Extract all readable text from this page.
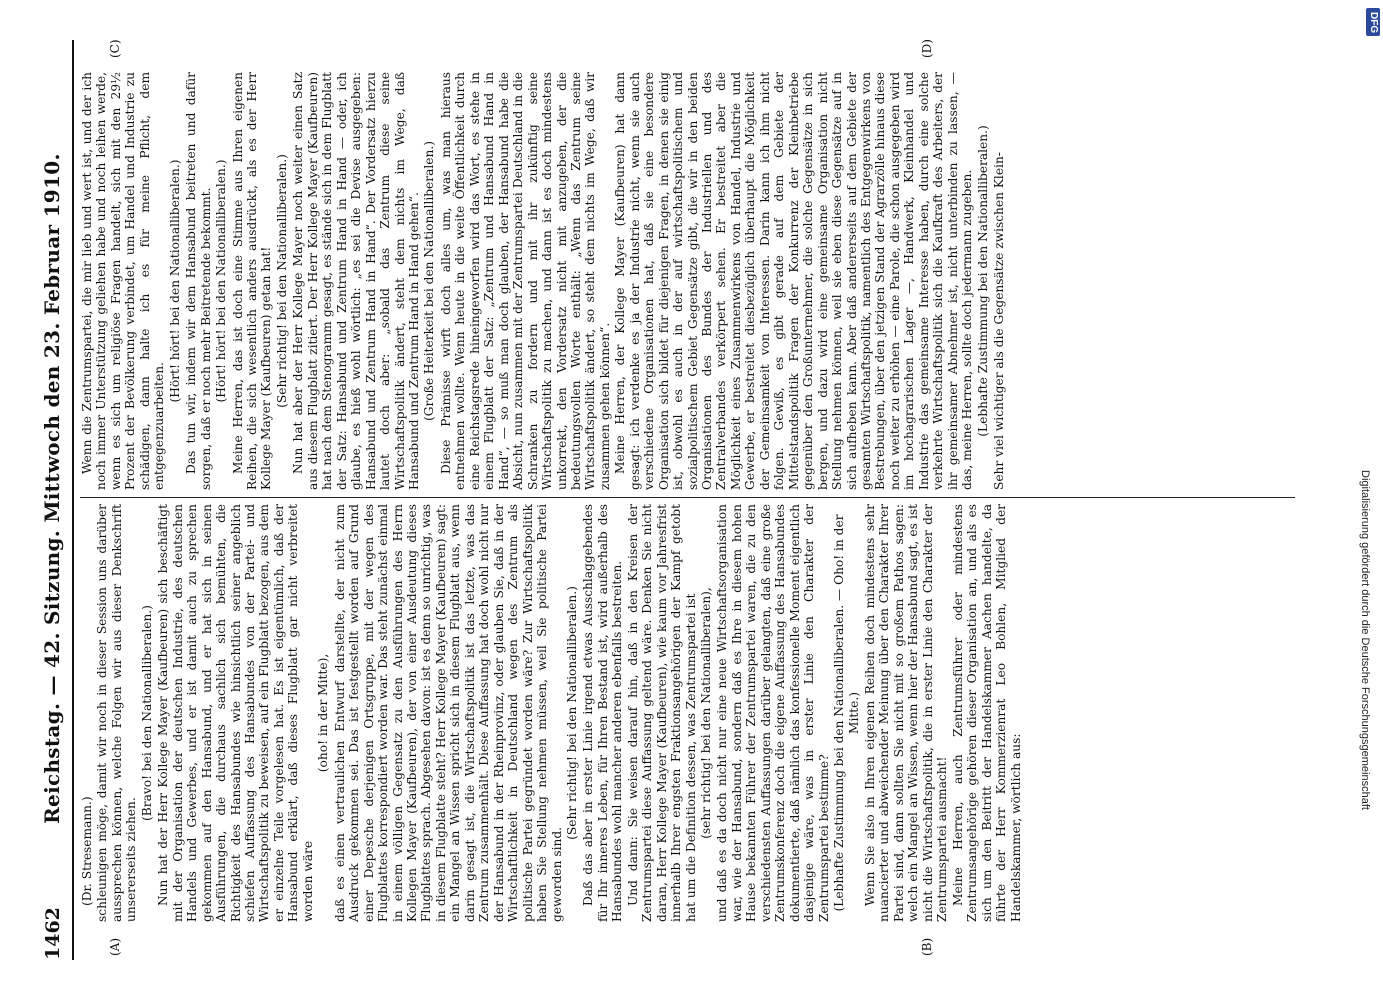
1462
Reichstag. — 42. Sitzung. Mittwoch den 23. Februar 1910.
(A)	(B)
(C)	(D)

(Dr. Stresemann.) schleunigen möge, damit wir noch in dieser Session uns darüber aussprechen können, welche Folgen wir aus dieser Denkschrift unsererseits ziehen.

(Bravo! bei den Nationalliberalen.) Nun hat der Herr Kollege Mayer (Kaufbeuren) sich beschäftigt mit der Organisation der deutschen Industrie, des deutschen Handels und Gewerbes, und er ist damit auch zu sprechen gekommen auf den Hansabund, und er hat sich in seinen Ausführungen, die durchaus sachlich sich bemühten, die Richtigkeit des Hansabundes wie hinsichtlich seiner angeblich schiefen Auffassung des Hansabundes von der Partei- und Wirtschaftspolitik zu beweisen, auf ein Flugblatt bezogen, aus dem er einzelne Teile vorgelesen hat. Es ist eigentümlich, daß der Hansabund erklärt, daß dieses Flugblatt gar nicht verbreitet worden wäre

(oho! in der Mitte), daß es einen vertraulichen Entwurf darstellte, der nicht zum Ausdruck gekommen sei. Das ist festgestellt worden auf Grund einer Depesche derjenigen Ortsgruppe, mit der wegen des Flugblattes korrespondiert worden war. Das steht zunächst einmal in einem völligen Gegensatz zu den Ausführungen des Herrn Kollegen Mayer (Kaufbeuren), der von einer Ausdeutung dieses Flugblattes sprach. Abgesehen davon: ist es denn so unrichtig, was in diesem Flugblatte steht? Herr Kollege Mayer (Kaufbeuren) sagt: ein Mangel an Wissen spricht sich in diesem Flugblatt aus, wenn darin gesagt ist, die Wirtschaftspolitik ist das letzte, was das Zentrum zusammenhält. Diese Auffassung hat doch wohl nicht nur der Hansabund in der Rheinprovinz, oder glauben Sie, daß in der Wirtschaftlichkeit in Deutschland wegen des Zentrum als politische Partei gegründet worden wäre? Zur Wirtschaftspolitik haben Sie Stellung nehmen müssen, weil Sie politische Partei geworden sind.

(Sehr richtig! bei den Nationalliberalen.) Daß das aber in erster Linie irgend etwas Ausschlaggebendes für Ihr inneres Leben, für Ihren Bestand ist, wird außerhalb des Hansabundes wohl mancher anderen ebenfalls bestreiten. Und dann: Sie weisen darauf hin, daß in den Kreisen der Zentrumspartei diese Auffassung geltend wäre. Denken Sie nicht daran, Herr Kollege Mayer (Kaufbeuren), wie kaum vor Jahresfrist innerhalb Ihrer engsten Fraktionsangehörigen der Kampf getobt hat um die Definition dessen, was Zentrumspartei ist (sehr richtig! bei den Nationalliberalen), und daß es da doch nicht nur eine neue Wirtschaftsorganisation war, wie der Hansabund, sondern daß es Ihre in diesem hohen Hause bekannten Führer der Zentrumspartei waren, die zu den verschiedensten Auffassungen darüber gelangten, daß eine große Zentrumskonferenz doch die eigene Auffassung des Hansabundes dokumentierte, daß nämlich das konfessionelle Moment eigentlich dasjenige wäre, was in erster Linie den Charakter der Zentrumspartei bestimme? (Lebhafte Zustimmung bei den Nationalliberalen. — Oho! in der Mitte.) Wenn Sie also in Ihren eigenen Reihen doch mindestens sehr nuancierter und abweichender Meinung über den Charakter Ihrer Partei sind, dann sollten Sie nicht mit so großem Pathos sagen: welch ein Mangel an Wissen, wenn hier der Hansabund sagt, es ist nicht die Wirtschaftspolitik, die in erster Linie den Charakter der Zentrumspartei ausmacht! Meine Herren, auch Zentrumsführer oder mindestens Zentrumsangehörige gehören dieser Organisation an, und als es sich um den Beitritt der Handelskammer Aachen handelte, da führte der Herr Kommerzienrat Leo Bohlen, Mitglied der Handelskammer, wörtlich aus:

Wenn die Zentrumspartei, die mir lieb und wert ist, und der ich noch immer Unterstützung geliehen habe und noch leihen werde, wenn es sich um religiöse Fragen handelt, sich mit den 29½ Prozent der Bevölkerung verbindet, um Handel und Industrie zu schädigen, dann halte ich es für meine Pflicht, dem entgegenzuarbeiten.

(Hört! hört! bei den Nationalliberalen.) Das tun wir, indem wir dem Hansabund beitreten und dafür sorgen, daß er noch mehr Beitretende bekommt. (Hört! hört! bei den Nationalliberalen.) Meine Herren, das ist doch eine Stimme aus Ihren eigenen Reihen, die sich wesentlich anders ausdrückt, als es der Herr Kollege Mayer (Kaufbeuren) getan hat! (Sehr richtig! bei den Nationalliberalen.) Nun hat aber der Herr Kollege Mayer noch weiter einen Satz aus diesem Flugblatt zitiert. Der Herr Kollege Mayer (Kaufbeuren) hat nach dem Stenogramm gesagt, es stände sich in dem Flugblatt der Satz: Hansabund und Zentrum Hand in Hand — oder, ich glaube, es hieß wohl wörtlich: „es sei die Devise ausgegeben: Hansabund und Zentrum Hand in Hand“. Der Vordersatz hierzu lautet doch aber: „sobald das Zentrum diese seine Wirtschaftspolitik ändert, steht dem nichts im Wege, daß Hansabund und Zentrum Hand in Hand gehen“. (Große Heiterkeit bei den Nationalliberalen.) Diese Prämisse wirft doch alles um, was man hieraus entnehmen wollte. Wenn heute in die weite Öffentlichkeit durch eine Reichstagsrede hineingeworfen wird das Wort, es stehe in einem Flugblatt der Satz: „Zentrum und Hansabund Hand in Hand“, — so muß man doch glauben, der Hansabund habe die Absicht, nun zusammen mit der Zentrumspartei Deutschland in die Schranken zu fordern und mit ihr zukünftig seine Wirtschaftspolitik zu machen, und dann ist es doch mindestens unkorrekt, den Vordersatz nicht mit anzugeben, der die bedeutungsvollen Worte enthält: „Wenn das Zentrum seine Wirtschaftspolitik ändert, so steht dem nichts im Wege, daß wir zusammen gehen können“. Meine Herren, der Kollege Mayer (Kaufbeuren) hat dann gesagt: ich verdenke es ja der Industrie nicht, wenn sie auch verschiedene Organisationen hat, daß sie eine besondere Organisation sich bildet für diejenigen Fragen, in denen sie einig ist, obwohl es auch in der auf wirtschaftspolitischem und sozialpolitischem Gebiet Gegensätze gibt, die wir in den beiden Organisationen des Bundes der Industriellen und des Zentralverbandes verkörpert sehen. Er bestreitet aber die Möglichkeit eines Zusammenwirkens von Handel, Industrie und Gewerbe, er bestreitet diesbezüglich überhaupt die Möglichkeit der Gemeinsamkeit von Interessen. Darin kann ich ihm nicht folgen. Gewiß, es gibt gerade auf dem Gebiete der Mittelstandspolitik Fragen der Konkurrenz der Kleinbetriebe gegenüber den Großunternehmer, die solche Gegensätze in sich bergen, und dazu wird eine gemeinsame Organisation nicht Stellung nehmen können, weil sie eben diese Gegensätze auf in sich aufheben kann. Aber daß andererseits auf dem Gebiete der gesamten Wirtschaftspolitik, namentlich des Entgegenwirkens von Bestrebungen, über den jetzigen Stand der Agrarzölle hinaus diese noch weiter zu erhöhen — eine Parole, die schon ausgegeben wird im hochagrarischen Lager —, Handwerk, Kleinhandel und Industrie das gemeinsame Interesse haben, durch eine solche verkehrte Wirtschaftspolitik sich die Kaufkraft des Arbeiters, der ihr gemeinsamer Abnehmer ist, nicht unterbinden zu lassen, — das, meine Herren, sollte doch jedermann zugeben. (Lebhafte Zustimmung bei den Nationalliberalen.) Sehr viel wichtiger als die Gegensätze zwischen Klein-

DFG
Digitalisierung gefördert durch die Deutsche Forschungsgemeinschaft
